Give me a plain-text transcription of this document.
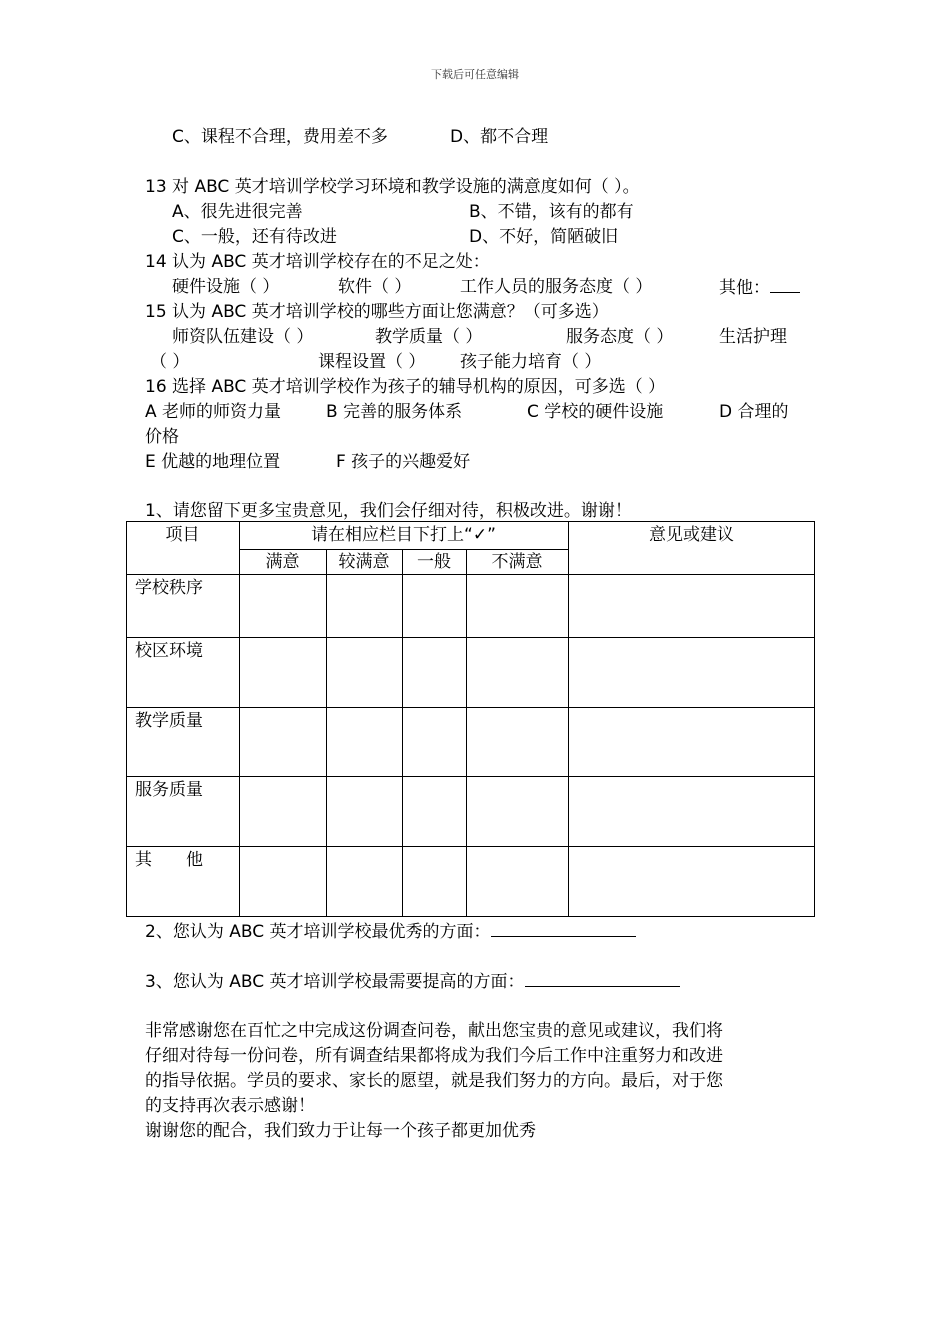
下载后可任意编辑
C、课程不合理，费用差不多	D、都不合理
13 对 ABC 英才培训学校学习环境和教学设施的满意度如何（ ）。
A、很先进很完善	B、不错，该有的都有
C、一般，还有待改进	D、不好，简陋破旧
14 认为 ABC 英才培训学校存在的不足之处：
硬件设施（ ）	软件（ ）	工作人员的服务态度（ ）	其他：
15 认为 ABC 英才培训学校的哪些方面让您满意？（可多选）
师资队伍建设（ ）	教学质量（ ）	服务态度（ ）	生活护理
（ ）	课程设置（ ） 孩子能力培育（ ）
16 选择 ABC 英才培训学校作为孩子的辅导机构的原因，可多选（ ）
A 老师的师资力量	B 完善的服务体系	C 学校的硬件设施	D 合理的
价格
E 优越的地理位置	F 孩子的兴趣爱好
1、请您留下更多宝贵意见，我们会仔细对待，积极改进。谢谢！
项目	请在相应栏目下打上“✓”	意见或建议
满意	较满意	一般	不满意
学校秩序
校区环境
教学质量
服务质量
其　　他
2、您认为 ABC 英才培训学校最优秀的方面：
3、您认为 ABC 英才培训学校最需要提高的方面：
非常感谢您在百忙之中完成这份调查问卷，献出您宝贵的意见或建议，我们将
仔细对待每一份问卷，所有调查结果都将成为我们今后工作中注重努力和改进
的指导依据。学员的要求、家长的愿望，就是我们努力的方向。最后，对于您
的支持再次表示感谢！
谢谢您的配合，我们致力于让每一个孩子都更加优秀
